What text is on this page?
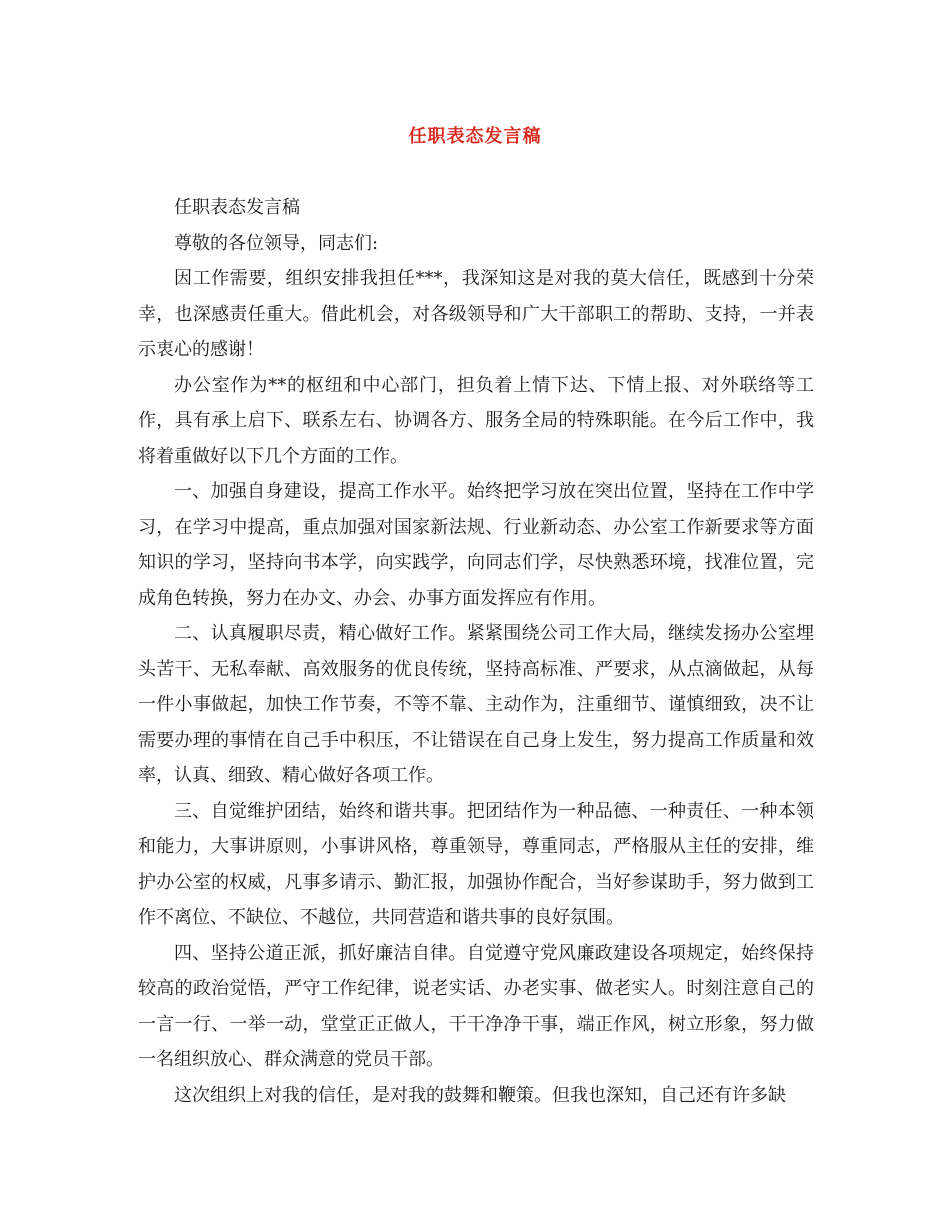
任职表态发言稿

任职表态发言稿

尊敬的各位领导，同志们:

因工作需要，组织安排我担任***，我深知这是对我的莫大信任，既感到十分荣幸，也深感责任重大。借此机会，对各级领导和广大干部职工的帮助、支持，一并表示衷心的感谢！

办公室作为**的枢纽和中心部门，担负着上情下达、下情上报、对外联络等工作，具有承上启下、联系左右、协调各方、服务全局的特殊职能。在今后工作中，我将着重做好以下几个方面的工作。

一、加强自身建设，提高工作水平。始终把学习放在突出位置，坚持在工作中学习，在学习中提高，重点加强对国家新法规、行业新动态、办公室工作新要求等方面知识的学习，坚持向书本学，向实践学，向同志们学，尽快熟悉环境，找准位置，完成角色转换，努力在办文、办会、办事方面发挥应有作用。

二、认真履职尽责，精心做好工作。紧紧围绕公司工作大局，继续发扬办公室埋头苦干、无私奉献、高效服务的优良传统，坚持高标准、严要求，从点滴做起，从每一件小事做起，加快工作节奏，不等不靠、主动作为，注重细节、谨慎细致，决不让需要办理的事情在自己手中积压，不让错误在自己身上发生，努力提高工作质量和效率，认真、细致、精心做好各项工作。

三、自觉维护团结，始终和谐共事。把团结作为一种品德、一种责任、一种本领和能力，大事讲原则，小事讲风格，尊重领导，尊重同志，严格服从主任的安排，维护办公室的权威，凡事多请示、勤汇报，加强协作配合，当好参谋助手，努力做到工作不离位、不缺位、不越位，共同营造和谐共事的良好氛围。

四、坚持公道正派，抓好廉洁自律。自觉遵守党风廉政建设各项规定，始终保持较高的政治觉悟，严守工作纪律，说老实话、办老实事、做老实人。时刻注意自己的一言一行、一举一动，堂堂正正做人，干干净净干事，端正作风，树立形象，努力做一名组织放心、群众满意的党员干部。

这次组织上对我的信任，是对我的鼓舞和鞭策。但我也深知，自己还有许多缺
